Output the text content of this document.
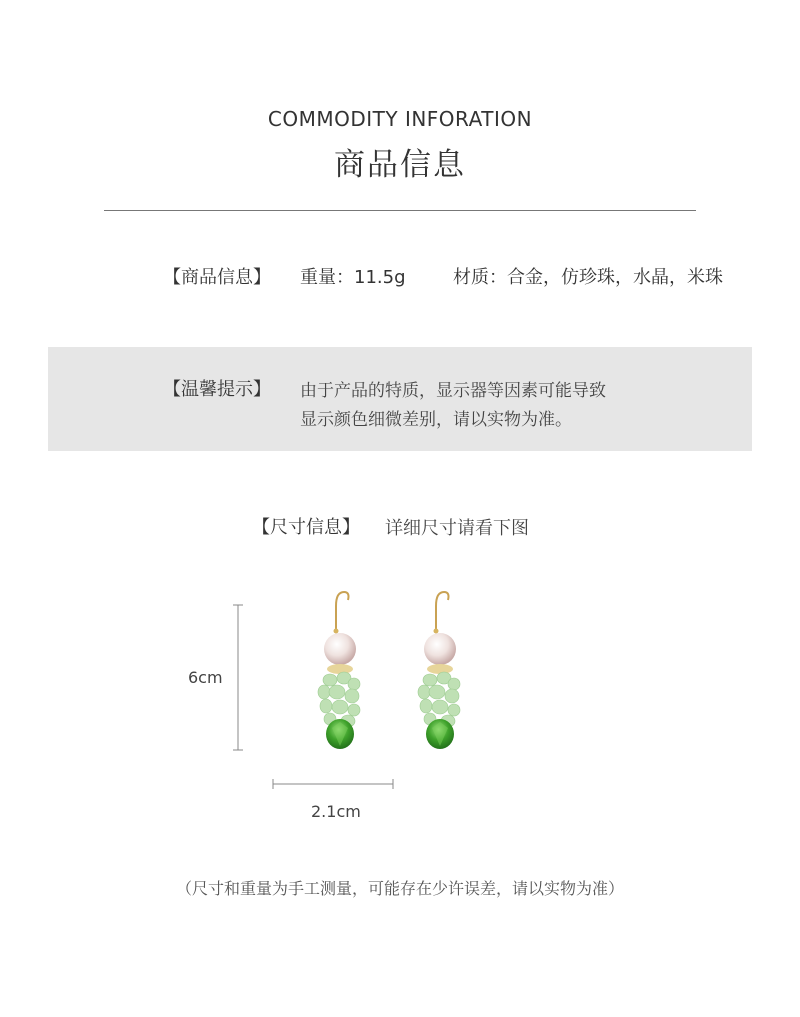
COMMODITY INFORATION
商品信息
【商品信息】 重量：11.5g	材质：合金，仿珍珠，水晶，米珠
【温馨提示】 由于产品的特质，显示器等因素可能导致
显示颜色细微差别，请以实物为准。
【尺寸信息】 详细尺寸请看下图
6cm
2.1cm
（尺寸和重量为手工测量，可能存在少许误差，请以实物为准）
